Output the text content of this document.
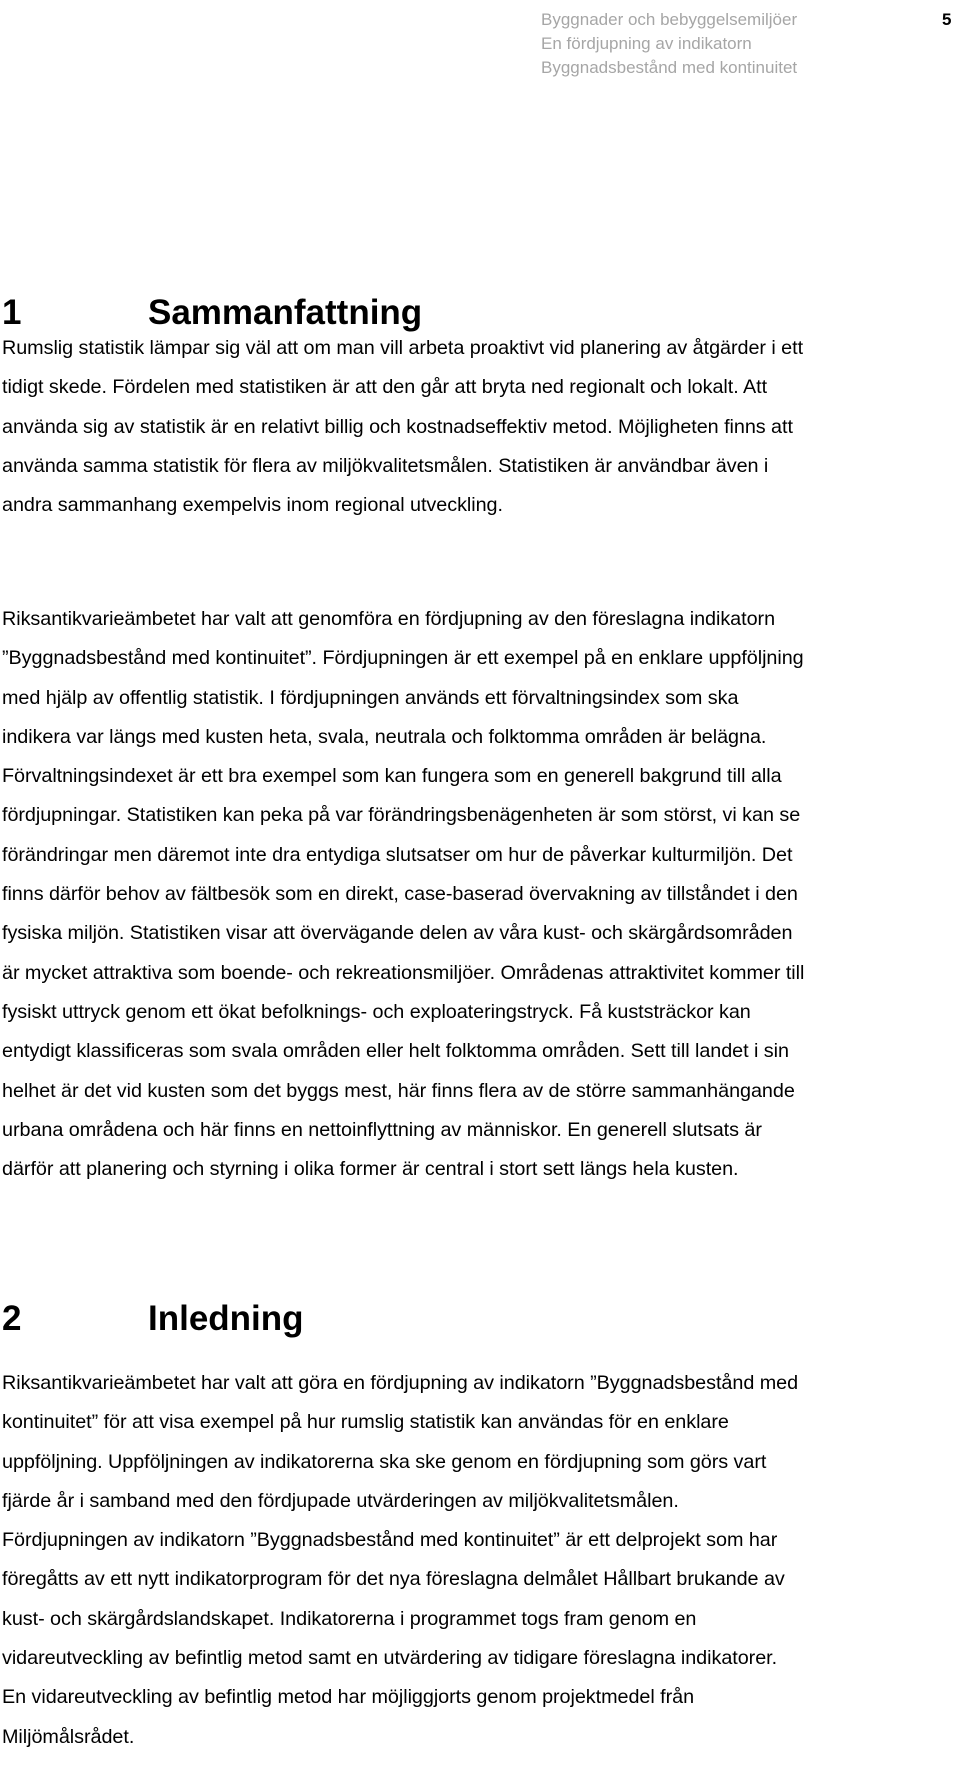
Byggnader och bebyggelsemiljöer
En fördjupning av indikatorn
Byggnadsbestånd med kontinuitet
5
1	Sammanfattning

Rumslig statistik lämpar sig väl att om man vill arbeta proaktivt vid planering av åtgärder i ett
tidigt skede. Fördelen med statistiken är att den går att bryta ned regionalt och lokalt. Att
använda sig av statistik är en relativt billig och kostnadseffektiv metod. Möjligheten finns att
använda samma statistik för flera av miljökvalitetsmålen. Statistiken är användbar även i
andra sammanhang exempelvis inom regional utveckling.

Riksantikvarieämbetet har valt att genomföra en fördjupning av den föreslagna indikatorn
”Byggnadsbestånd med kontinuitet”. Fördjupningen är ett exempel på en enklare uppföljning
med hjälp av offentlig statistik. I fördjupningen används ett förvaltningsindex som ska
indikera var längs med kusten heta, svala, neutrala och folktomma områden är belägna.
Förvaltningsindexet är ett bra exempel som kan fungera som en generell bakgrund till alla
fördjupningar. Statistiken kan peka på var förändringsbenägenheten är som störst, vi kan se
förändringar men däremot inte dra entydiga slutsatser om hur de påverkar kulturmiljön. Det
finns därför behov av fältbesök som en direkt, case-baserad övervakning av tillståndet i den
fysiska miljön. Statistiken visar att övervägande delen av våra kust- och skärgårdsområden
är mycket attraktiva som boende- och rekreationsmiljöer. Områdenas attraktivitet kommer till
fysiskt uttryck genom ett ökat befolknings- och exploateringstryck. Få kuststräckor kan
entydigt klassificeras som svala områden eller helt folktomma områden. Sett till landet i sin
helhet är det vid kusten som det byggs mest, här finns flera av de större sammanhängande
urbana områdena och här finns en nettoinflyttning av människor. En generell slutsats är
därför att planering och styrning i olika former är central i stort sett längs hela kusten.

2	Inledning

Riksantikvarieämbetet har valt att göra en fördjupning av indikatorn ”Byggnadsbestånd med
kontinuitet” för att visa exempel på hur rumslig statistik kan användas för en enklare
uppföljning. Uppföljningen av indikatorerna ska ske genom en fördjupning som görs vart
fjärde år i samband med den fördjupade utvärderingen av miljökvalitetsmålen.
Fördjupningen av indikatorn ”Byggnadsbestånd med kontinuitet” är ett delprojekt som har
föregåtts av ett nytt indikatorprogram för det nya föreslagna delmålet Hållbart brukande av
kust- och skärgårdslandskapet. Indikatorerna i programmet togs fram genom en
vidareutveckling av befintlig metod samt en utvärdering av tidigare föreslagna indikatorer.
En vidareutveckling av befintlig metod har möjliggjorts genom projektmedel från
Miljömålsrådet.
